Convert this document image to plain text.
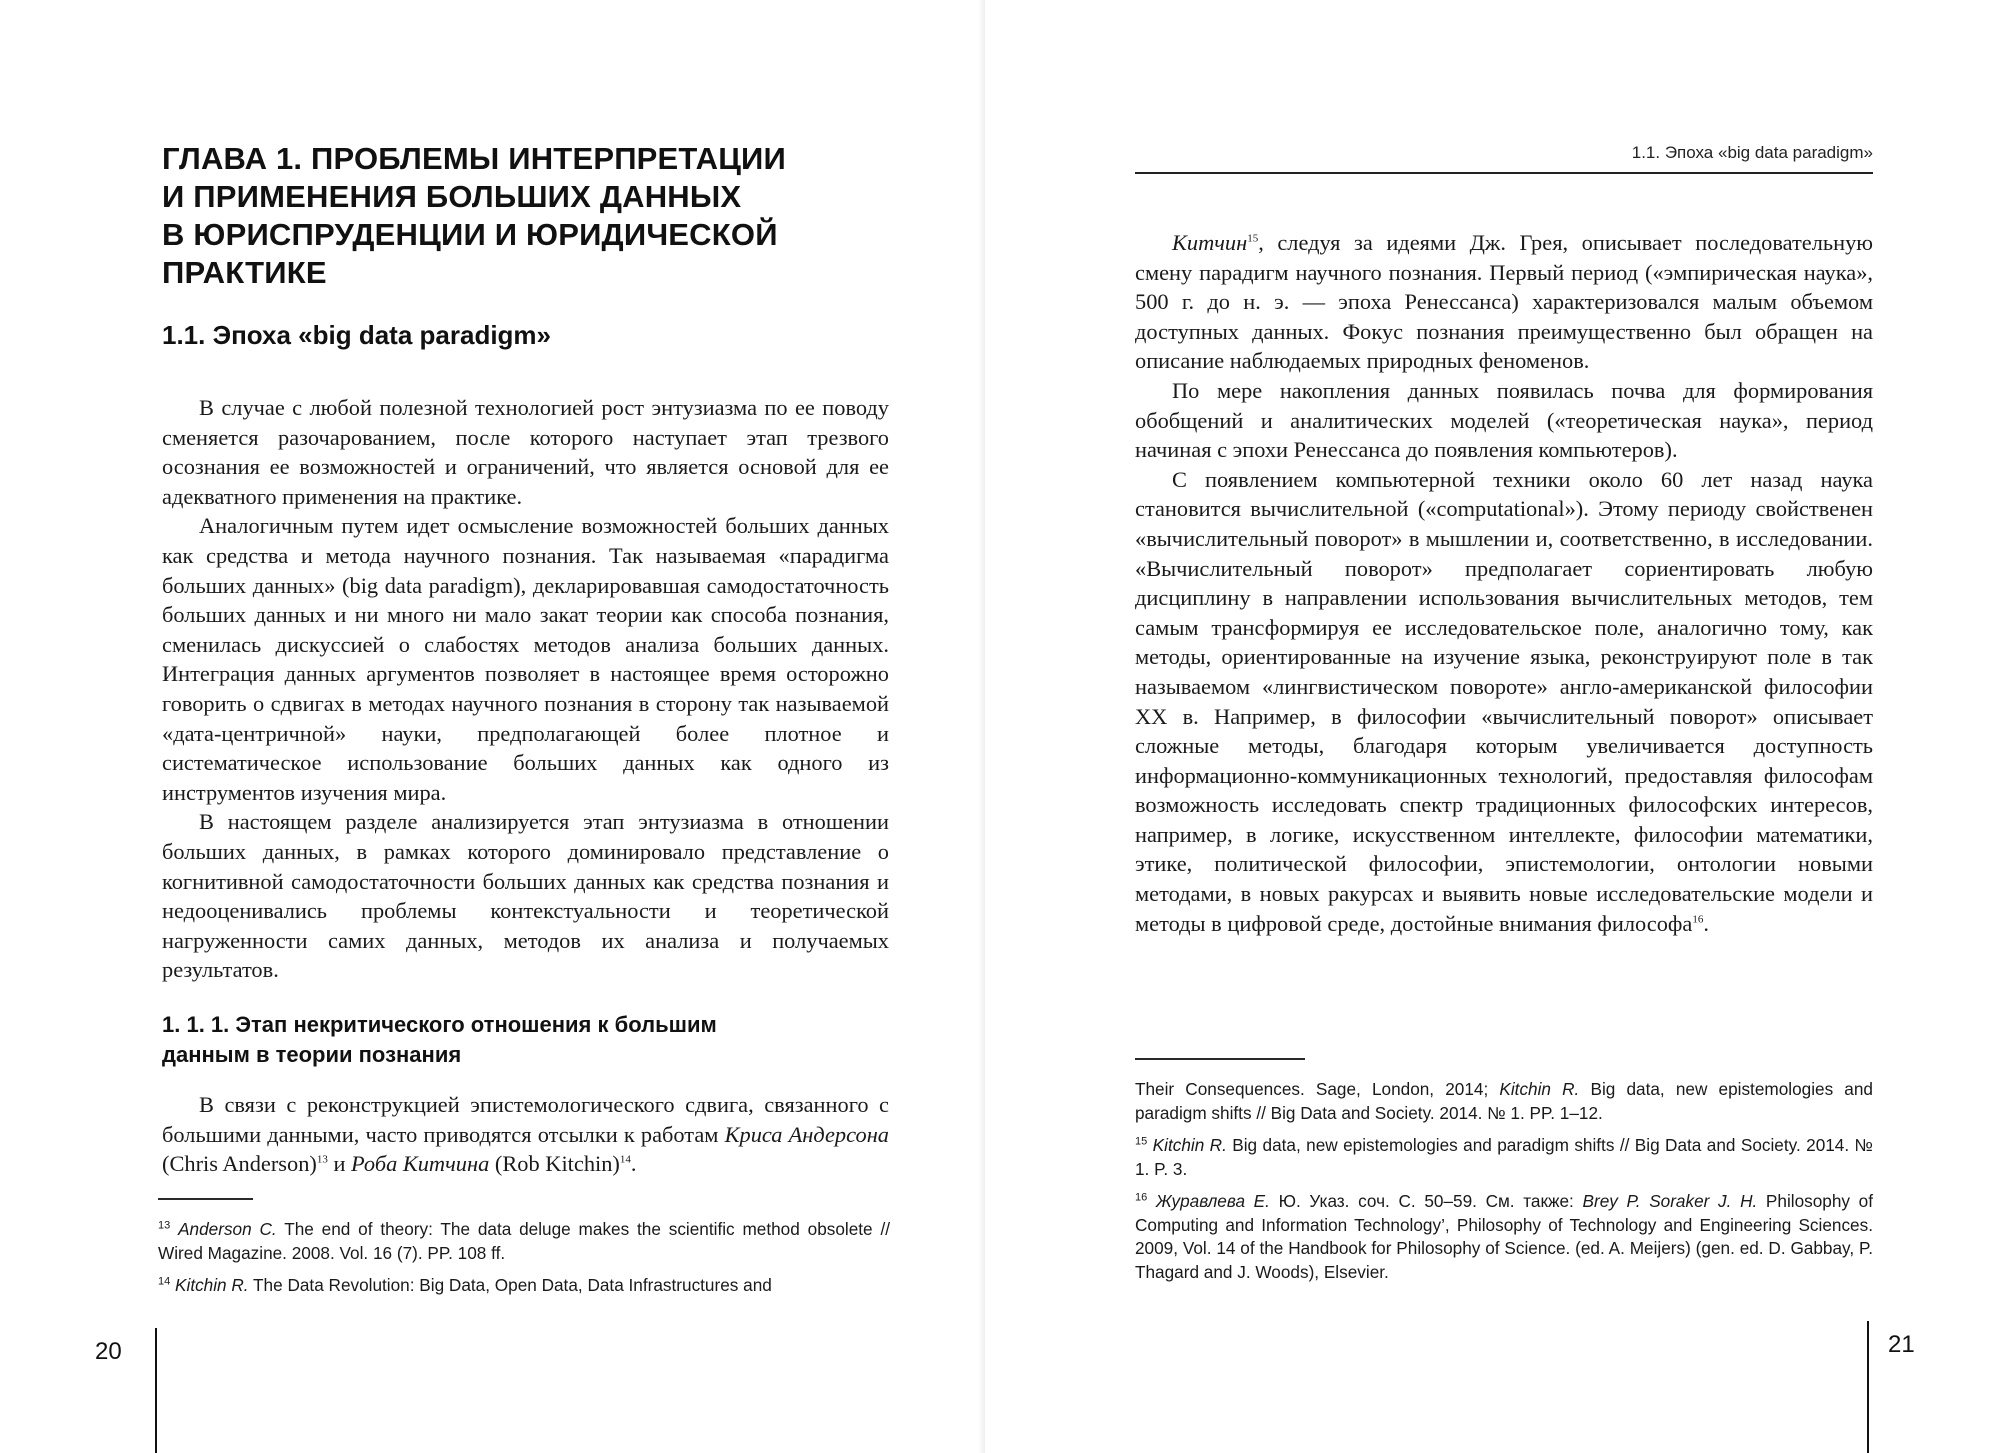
ГЛАВА 1. ПРОБЛЕМЫ ИНТЕРПРЕТАЦИИ
И ПРИМЕНЕНИЯ БОЛЬШИХ ДАННЫХ
В ЮРИСПРУДЕНЦИИ И ЮРИДИЧЕСКОЙ
ПРАКТИКЕ
1.1. Эпоха «big data paradigm»

В случае с любой полезной технологией рост энтузиазма по ее поводу сменяется разочарованием, после которого наступает этап трезвого осознания ее возможностей и ограничений, что является основой для ее адекватного применения на практике.

Аналогичным путем идет осмысление возможностей больших данных как средства и метода научного познания. Так называемая «парадигма больших данных» (big data paradigm), декларировавшая самодостаточность больших данных и ни много ни мало закат теории как способа познания, сменилась дискуссией о слабостях методов анализа больших данных. Интеграция данных аргументов позволяет в настоящее время осторожно говорить о сдвигах в методах научного познания в сторону так называемой «дата-центричной» науки, предполагающей более плотное и систематическое использование больших данных как одного из инструментов изучения мира.

В настоящем разделе анализируется этап энтузиазма в отношении больших данных, в рамках которого доминировало представление о когнитивной самодостаточности больших данных как средства познания и недооценивались проблемы контекстуальности и теоретической нагруженности самих данных, методов их анализа и получаемых результатов.

1. 1. 1. Этап некритического отношения к большим
данным в теории познания

В связи с реконструкцией эпистемологического сдвига, связанного с большими данными, часто приводятся отсылки к работам Криса Андерсона (Chris Anderson)$^{13}$ и Роба Китчина (Rob Kitchin)$^{14}$.

$^{13}$ Anderson C. The end of theory: The data deluge makes the scientific method obsolete // Wired Magazine. 2008. Vol. 16 (7). PP. 108 ff.

$^{14}$ Kitchin R. The Data Revolution: Big Data, Open Data, Data Infrastructures and

20
1.1. Эпоха «big data paradigm»

Китчин$^{15}$, следуя за идеями Дж. Грея, описывает последовательную смену парадигм научного познания. Первый период («эмпирическая наука», 500 г. до н. э. — эпоха Ренессанса) характеризовался малым объемом доступных данных. Фокус познания преимущественно был обращен на описание наблюдаемых природных феноменов.

По мере накопления данных появилась почва для формирования обобщений и аналитических моделей («теоретическая наука», период начиная с эпохи Ренессанса до появления компьютеров).

С появлением компьютерной техники около 60 лет назад наука становится вычислительной («computational»). Этому периоду свойственен «вычислительный поворот» в мышлении и, соответственно, в исследовании. «Вычислительный поворот» предполагает сориентировать любую дисциплину в направлении использования вычислительных методов, тем самым трансформируя ее исследовательское поле, аналогично тому, как методы, ориентированные на изучение языка, реконструируют поле в так называемом «лингвистическом повороте» англо-американской философии XX в. Например, в философии «вычислительный поворот» описывает сложные методы, благодаря которым увеличивается доступность информационно-коммуникационных технологий, предоставляя философам возможность исследовать спектр традиционных философских интересов, например, в логике, искусственном интеллекте, философии математики, этике, политической философии, эпистемологии, онтологии новыми методами, в новых ракурсах и выявить новые исследовательские модели и методы в цифровой среде, достойные внимания философа$^{16}$.

Their Consequences. Sage, London, 2014; Kitchin R. Big data, new epistemologies and paradigm shifts // Big Data and Society. 2014. № 1. PP. 1–12.

$^{15}$ Kitchin R. Big data, new epistemologies and paradigm shifts // Big Data and Society. 2014. № 1. P. 3.

$^{16}$ Журавлева Е. Ю. Указ. соч. С. 50–59. См. также: Brey P. Soraker J. H. Philosophy of Computing and Information Technology’, Philosophy of Technology and Engineering Sciences. 2009, Vol. 14 of the Handbook for Philosophy of Science. (ed. A. Meijers) (gen. ed. D. Gabbay, P. Thagard and J. Woods), Elsevier.

21
